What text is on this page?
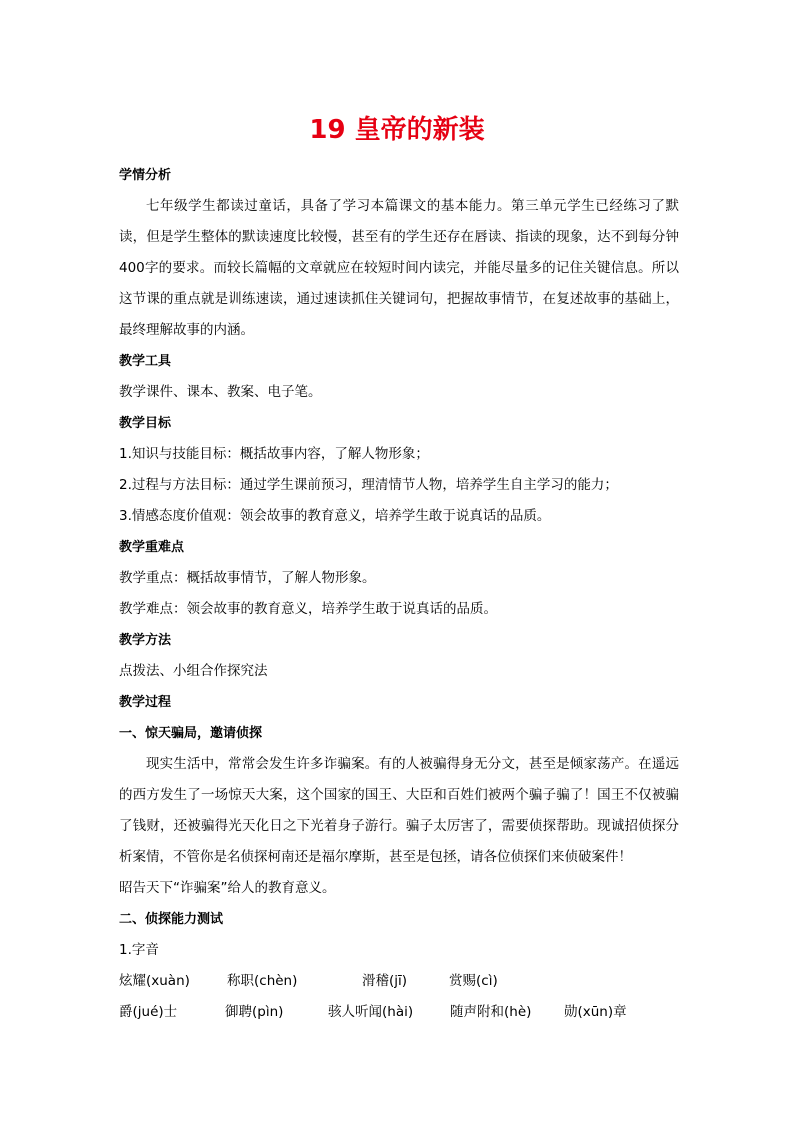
19 皇帝的新装
学情分析
七年级学生都读过童话，具备了学习本篇课文的基本能力。第三单元学生已经练习了默读，但是学生整体的默读速度比较慢，甚至有的学生还存在唇读、指读的现象，达不到每分钟400字的要求。而较长篇幅的文章就应在较短时间内读完，并能尽量多的记住关键信息。所以这节课的重点就是训练速读，通过速读抓住关键词句，把握故事情节，在复述故事的基础上，最终理解故事的内涵。
教学工具
教学课件、课本、教案、电子笔。
教学目标
1.知识与技能目标：概括故事内容，了解人物形象；
2.过程与方法目标：通过学生课前预习，理清情节人物，培养学生自主学习的能力；
3.情感态度价值观：领会故事的教育意义，培养学生敢于说真话的品质。
教学重难点
教学重点：概括故事情节，了解人物形象。
教学难点：领会故事的教育意义，培养学生敢于说真话的品质。
教学方法
点拨法、小组合作探究法
教学过程
一、惊天骗局，邀请侦探
现实生活中，常常会发生许多诈骗案。有的人被骗得身无分文，甚至是倾家荡产。在遥远的西方发生了一场惊天大案，这个国家的国王、大臣和百姓们被两个骗子骗了！国王不仅被骗了钱财，还被骗得光天化日之下光着身子游行。骗子太厉害了，需要侦探帮助。现诚招侦探分析案情，不管你是名侦探柯南还是福尔摩斯，甚至是包拯，请各位侦探们来侦破案件！
昭告天下“诈骗案”给人的教育意义。
二、侦探能力测试
1.字音
炫耀(xuàn)	称职(chèn)	滑稽(jī)	赏赐(cì)
爵(jué)士	御聘(pìn)	骇人听闻(hài)	随声附和(hè) 勋(xūn)章
